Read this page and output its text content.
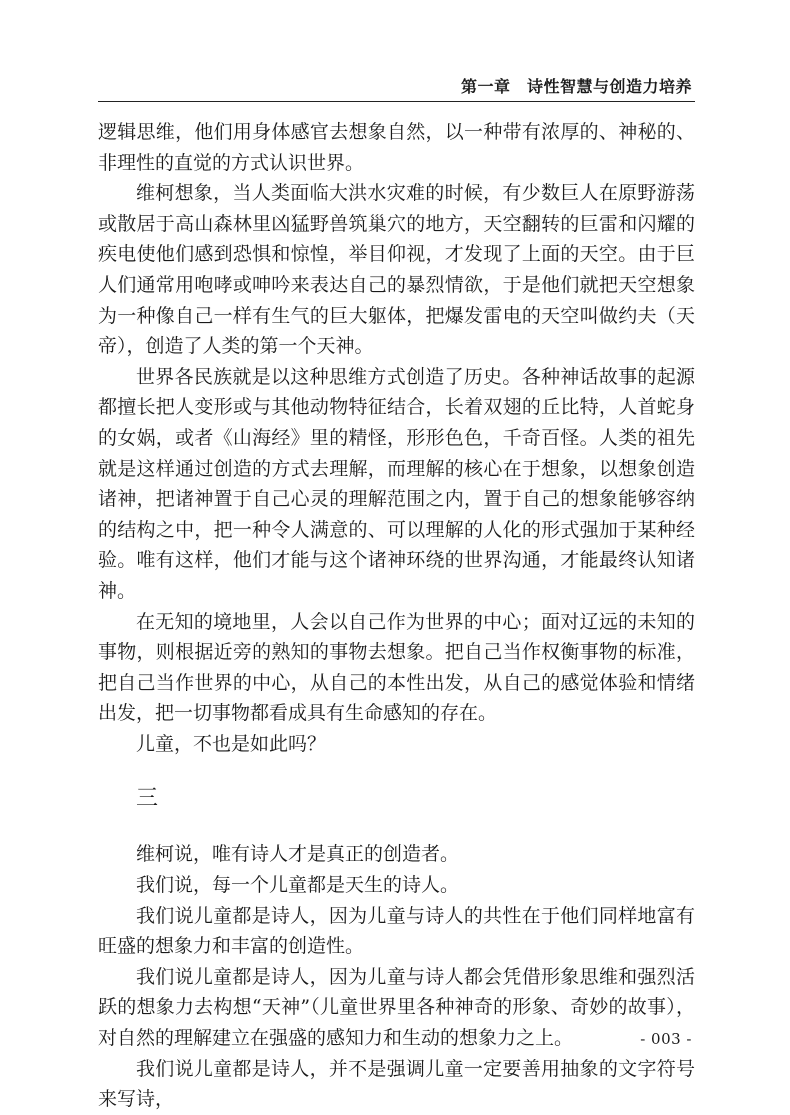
第一章　诗性智慧与创造力培养

逻辑思维，他们用身体感官去想象自然，以一种带有浓厚的、神秘的、非理性的直觉的方式认识世界。

维柯想象，当人类面临大洪水灾难的时候，有少数巨人在原野游荡或散居于高山森林里凶猛野兽筑巢穴的地方，天空翻转的巨雷和闪耀的疾电使他们感到恐惧和惊惶，举目仰视，才发现了上面的天空。由于巨人们通常用咆哮或呻吟来表达自己的暴烈情欲，于是他们就把天空想象为一种像自己一样有生气的巨大躯体，把爆发雷电的天空叫做约夫（天帝），创造了人类的第一个天神。

世界各民族就是以这种思维方式创造了历史。各种神话故事的起源都擅长把人变形或与其他动物特征结合，长着双翅的丘比特，人首蛇身的女娲，或者《山海经》里的精怪，形形色色，千奇百怪。人类的祖先就是这样通过创造的方式去理解，而理解的核心在于想象，以想象创造诸神，把诸神置于自己心灵的理解范围之内，置于自己的想象能够容纳的结构之中，把一种令人满意的、可以理解的人化的形式强加于某种经验。唯有这样，他们才能与这个诸神环绕的世界沟通，才能最终认知诸神。

在无知的境地里，人会以自己作为世界的中心；面对辽远的未知的事物，则根据近旁的熟知的事物去想象。把自己当作权衡事物的标准，把自己当作世界的中心，从自己的本性出发，从自己的感觉体验和情绪出发，把一切事物都看成具有生命感知的存在。

儿童，不也是如此吗？

三

维柯说，唯有诗人才是真正的创造者。

我们说，每一个儿童都是天生的诗人。

我们说儿童都是诗人，因为儿童与诗人的共性在于他们同样地富有旺盛的想象力和丰富的创造性。

我们说儿童都是诗人，因为儿童与诗人都会凭借形象思维和强烈活跃的想象力去构想“天神”（儿童世界里各种神奇的形象、奇妙的故事），对自然的理解建立在强盛的感知力和生动的想象力之上。

我们说儿童都是诗人，并不是强调儿童一定要善用抽象的文字符号来写诗，

- 003 -
